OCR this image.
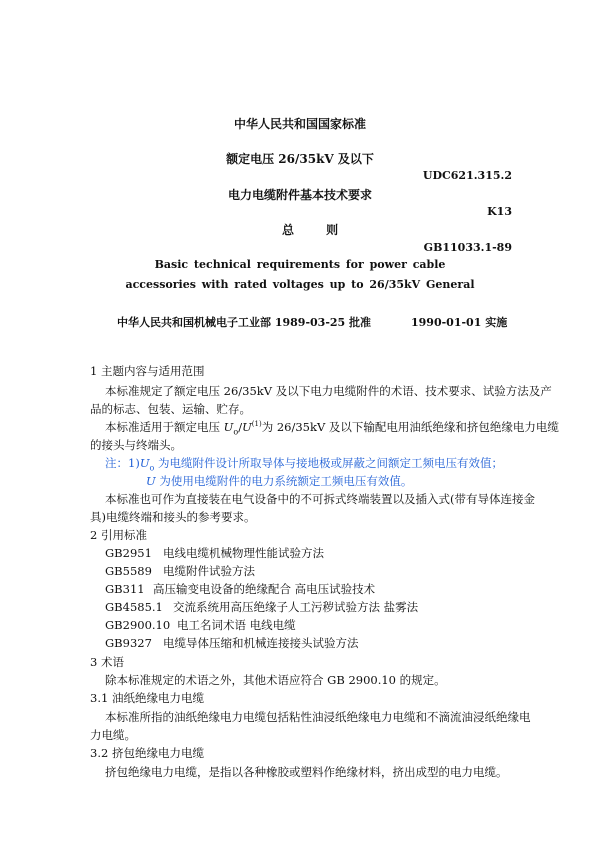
中华人民共和国国家标准
额定电压 26/35kV 及以下
UDC621.315.2
电力电缆附件基本技术要求
K13
总 则
GB11033.1-89
Basic technical requirements for power cable
accessories with rated voltages up to 26/35kV General
中华人民共和国机械电子工业部 1989-03-25 批准	1990-01-01 实施
1 主题内容与适用范围
本标准规定了额定电压 26/35kV 及以下电力电缆附件的术语、技术要求、试验方法及产
品的标志、包装、运输、贮存。
本标准适用于额定电压 $U_o/U^{(1)}$为 26/35kV 及以下输配电用油纸绝缘和挤包绝缘电力电缆
的接头与终端头。
注：$1)U_o$ 为电缆附件设计所取导体与接地极或屏蔽之间额定工频电压有效值；
U 为使用电缆附件的电力系统额定工频电压有效值。
本标准也可作为直接装在电气设备中的不可拆式终端装置以及插入式(带有导体连接金
具)电缆终端和接头的参考要求。
2 引用标准
GB2951 电线电缆机械物理性能试验方法
GB5589 电缆附件试验方法
GB311 高压输变电设备的绝缘配合 高电压试验技术
GB4585.1 交流系统用高压绝缘子人工污秽试验方法 盐雾法
GB2900.10 电工名词术语 电线电缆
GB9327 电缆导体压缩和机械连接接头试验方法
3 术语
除本标准规定的术语之外，其他术语应符合 GB 2900.10 的规定。
3.1 油纸绝缘电力电缆
本标准所指的油纸绝缘电力电缆包括粘性油浸纸绝缘电力电缆和不滴流油浸纸绝缘电
力电缆。
3.2 挤包绝缘电力电缆
挤包绝缘电力电缆，是指以各种橡胶或塑料作绝缘材料，挤出成型的电力电缆。
